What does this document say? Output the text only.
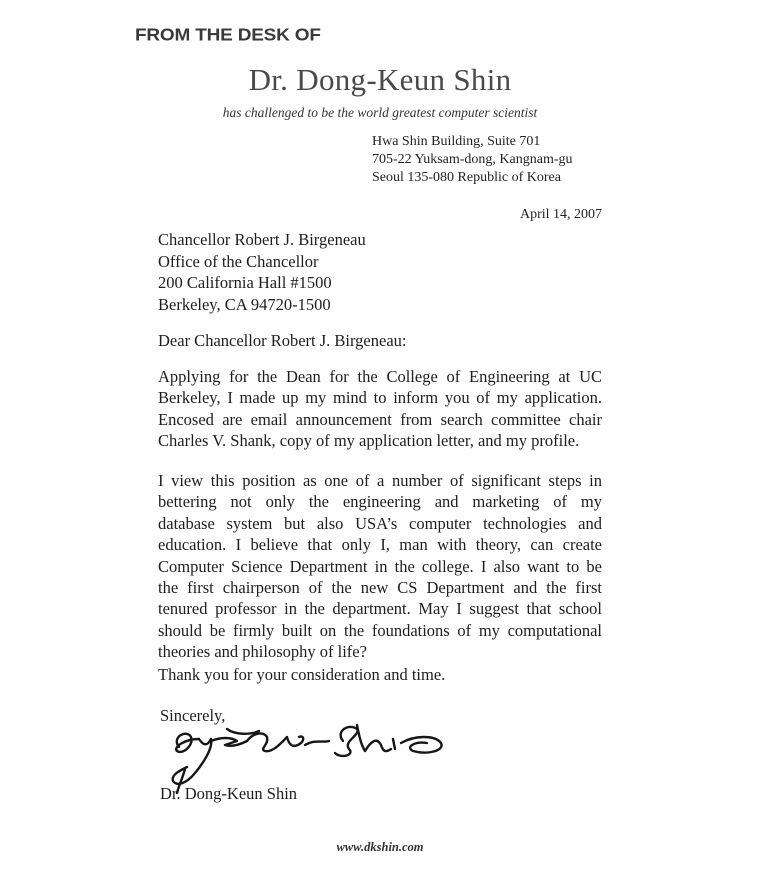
FROM THE DESK OF
Dr. Dong-Keun Shin
has challenged to be the world greatest computer scientist
Hwa Shin Building, Suite 701
705-22 Yuksam-dong, Kangnam-gu
Seoul 135-080 Republic of Korea
April 14, 2007
Chancellor Robert J. Birgeneau
Office of the Chancellor
200 California Hall #1500
Berkeley, CA 94720-1500
Dear Chancellor Robert J. Birgeneau:
Applying for the Dean for the College of Engineering at UC
Berkeley, I made up my mind to inform you of my application.
Encosed are email announcement from search committee chair
Charles V. Shank, copy of my application letter, and my profile.
I view this position as one of a number of significant steps in
bettering not only the engineering and marketing of my
database system but also USA’s computer technologies and
education. I believe that only I, man with theory, can create
Computer Science Department in the college. I also want to be
the first chairperson of the new CS Department and the first
tenured professor in the department. May I suggest that school
should be firmly built on the foundations of my computational
theories and philosophy of life?
Thank you for your consideration and time.
Sincerely,
Dr. Dong-Keun Shin
www.dkshin.com
